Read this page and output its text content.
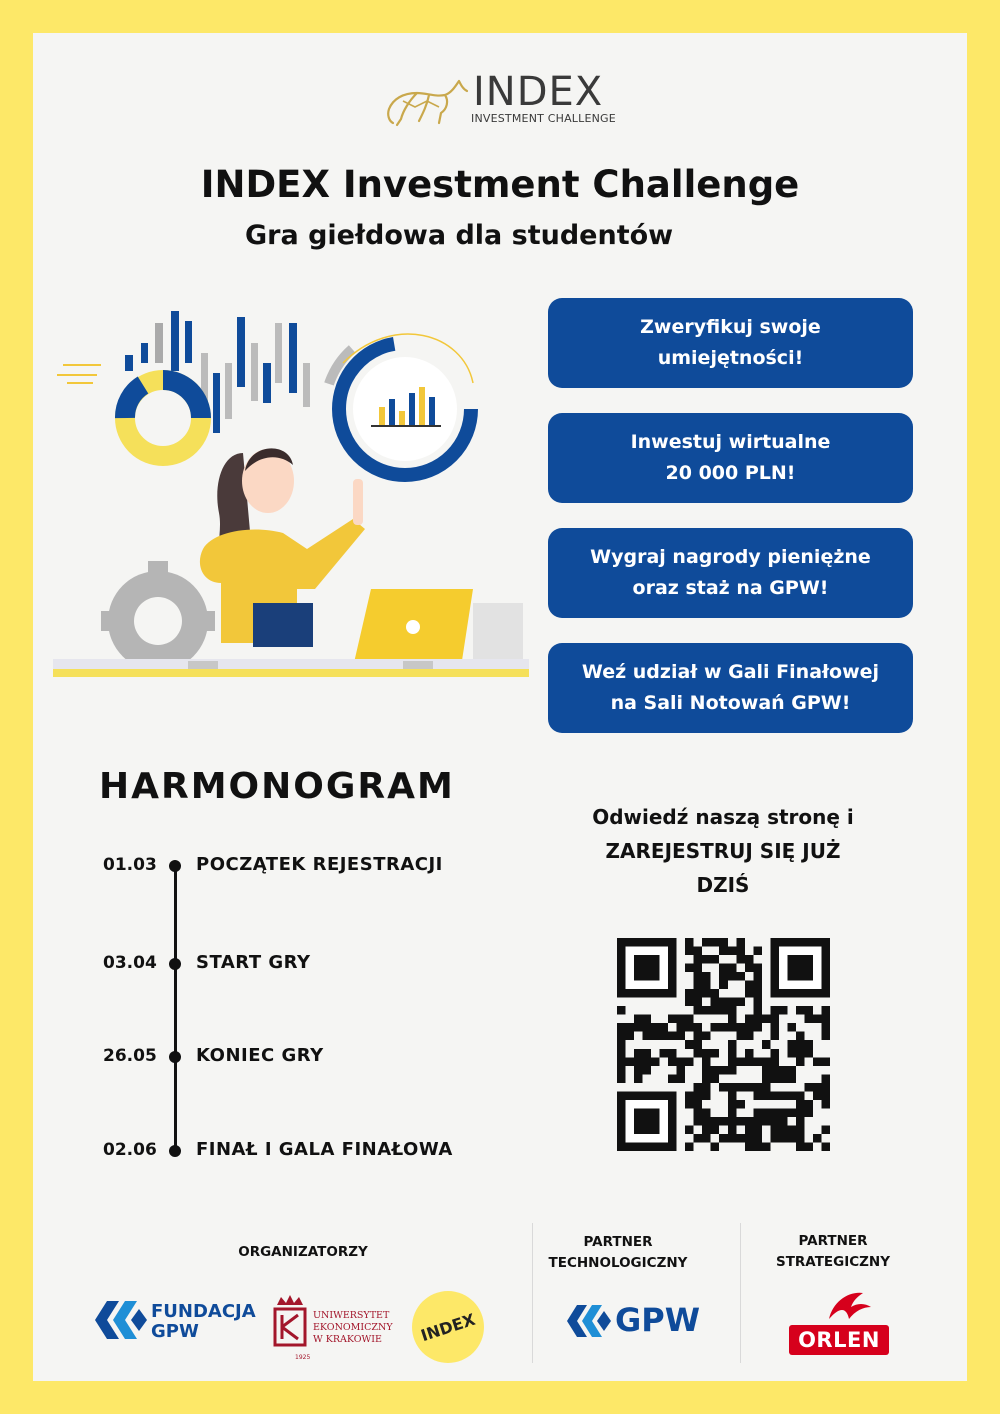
INDEX
INVESTMENT CHALLENGE
INDEX Investment Challenge
Gra giełdowa dla studentów
Zweryfikuj swoje
umiejętności!
Inwestuj wirtualne
20 000 PLN!
Wygraj nagrody pieniężne
oraz staż na GPW!
Weź udział w Gali Finałowej
na Sali Notowań GPW!
HARMONOGRAM
01.03 POCZĄTEK REJESTRACJI
03.04 START GRY
26.05 KONIEC GRY
02.06 FINAŁ I GALA FINAŁOWA
Odwiedź naszą stronę i
ZAREJESTRUJ SIĘ JUŻ
DZIŚ
ORGANIZATORZY
PARTNER
TECHNOLOGICZNY
PARTNER
STRATEGICZNY
FUNDACJA
GPW
1925
UNIWERSYTET
EKONOMICZNY
W KRAKOWIE	INDEX	GPW
ORLEN
